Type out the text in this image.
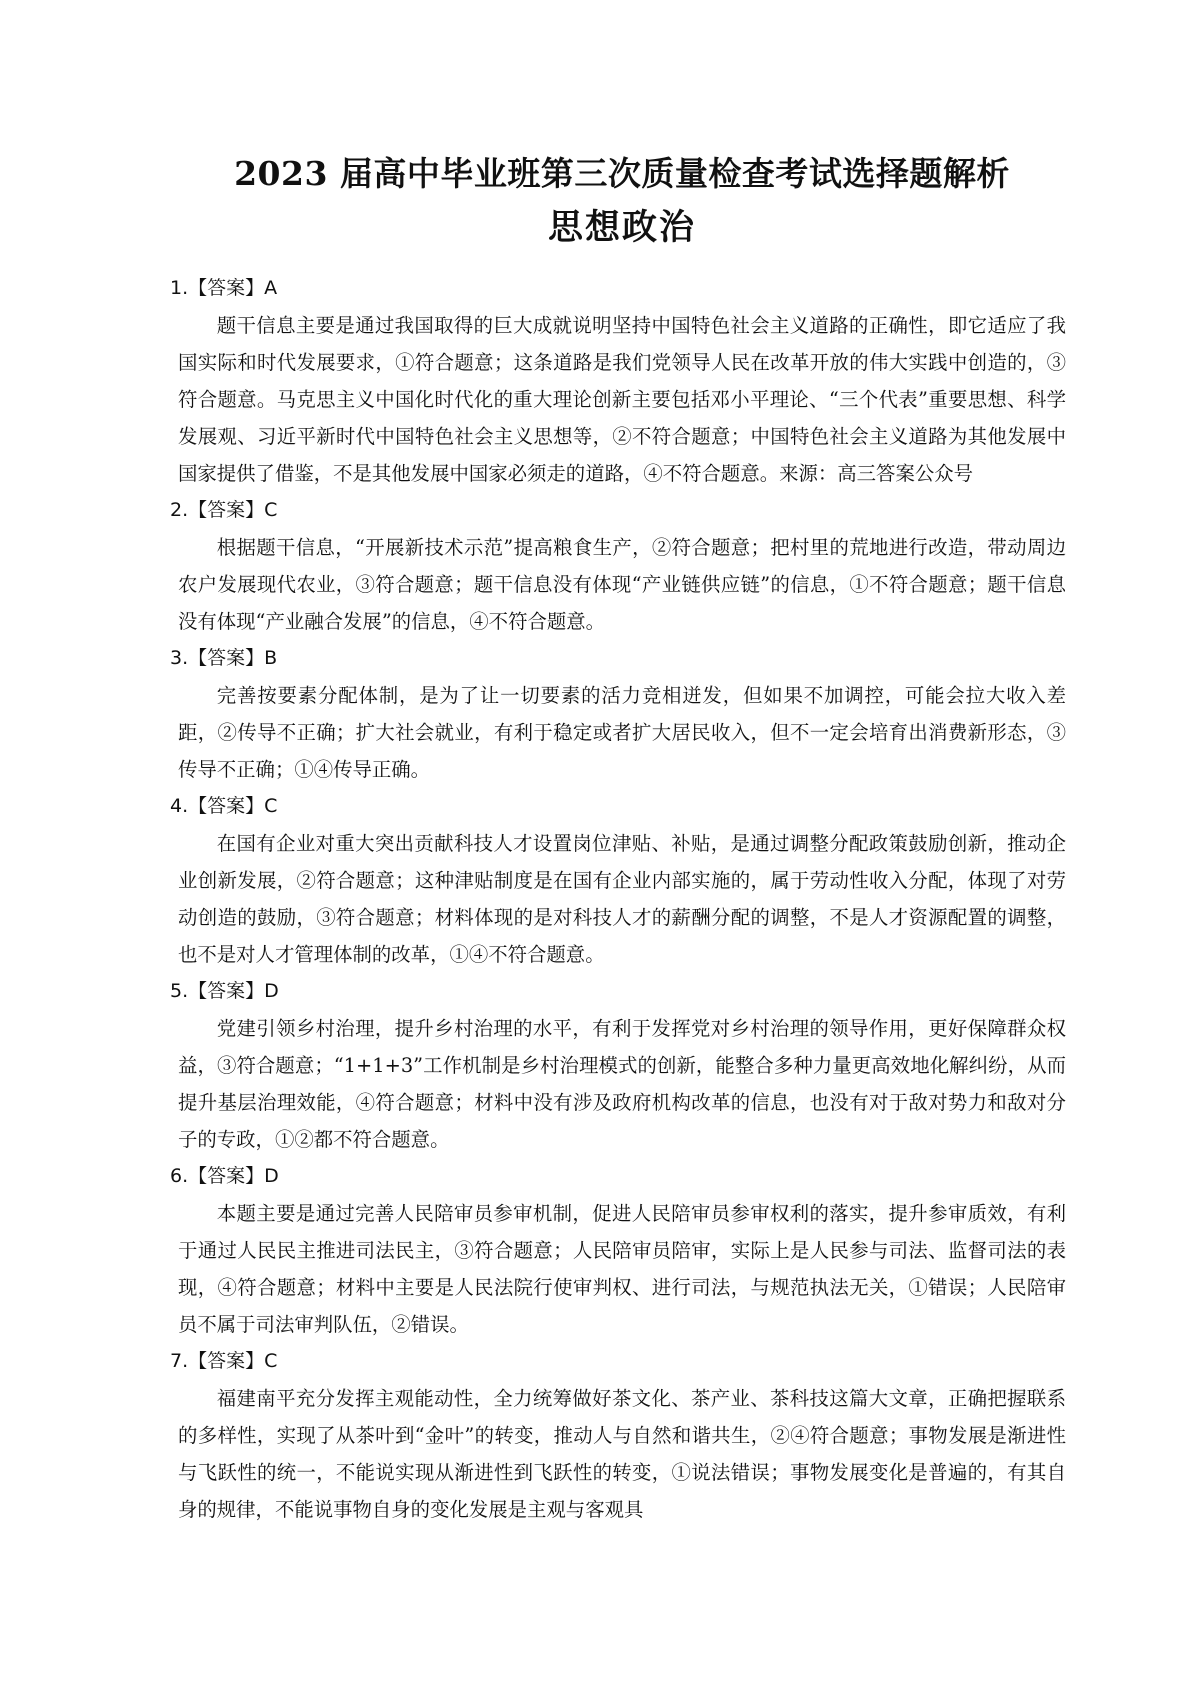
2023 届高中毕业班第三次质量检查考试选择题解析
思想政治
1.【答案】A

题干信息主要是通过我国取得的巨大成就说明坚持中国特色社会主义道路的正确性，即它适应了我国实际和时代发展要求，①符合题意；这条道路是我们党领导人民在改革开放的伟大实践中创造的，③符合题意。马克思主义中国化时代化的重大理论创新主要包括邓小平理论、“三个代表”重要思想、科学发展观、习近平新时代中国特色社会主义思想等，②不符合题意；中国特色社会主义道路为其他发展中国家提供了借鉴，不是其他发展中国家必须走的道路，④不符合题意。来源：高三答案公众号

2.【答案】C

根据题干信息，“开展新技术示范”提高粮食生产，②符合题意；把村里的荒地进行改造，带动周边农户发展现代农业，③符合题意；题干信息没有体现“产业链供应链”的信息，①不符合题意；题干信息没有体现“产业融合发展”的信息，④不符合题意。

3.【答案】B

完善按要素分配体制，是为了让一切要素的活力竞相迸发，但如果不加调控，可能会拉大收入差距，②传导不正确；扩大社会就业，有利于稳定或者扩大居民收入，但不一定会培育出消费新形态，③传导不正确；①④传导正确。

4.【答案】C

在国有企业对重大突出贡献科技人才设置岗位津贴、补贴，是通过调整分配政策鼓励创新，推动企业创新发展，②符合题意；这种津贴制度是在国有企业内部实施的，属于劳动性收入分配，体现了对劳动创造的鼓励，③符合题意；材料体现的是对科技人才的薪酬分配的调整，不是人才资源配置的调整，也不是对人才管理体制的改革，①④不符合题意。

5.【答案】D

党建引领乡村治理，提升乡村治理的水平，有利于发挥党对乡村治理的领导作用，更好保障群众权益，③符合题意；“1+1+3”工作机制是乡村治理模式的创新，能整合多种力量更高效地化解纠纷，从而提升基层治理效能，④符合题意；材料中没有涉及政府机构改革的信息，也没有对于敌对势力和敌对分子的专政，①②都不符合题意。

6.【答案】D

本题主要是通过完善人民陪审员参审机制，促进人民陪审员参审权利的落实，提升参审质效，有利于通过人民民主推进司法民主，③符合题意；人民陪审员陪审，实际上是人民参与司法、监督司法的表现，④符合题意；材料中主要是人民法院行使审判权、进行司法，与规范执法无关，①错误；人民陪审员不属于司法审判队伍，②错误。

7.【答案】C

福建南平充分发挥主观能动性，全力统筹做好茶文化、茶产业、茶科技这篇大文章，正确把握联系的多样性，实现了从茶叶到“金叶”的转变，推动人与自然和谐共生，②④符合题意；事物发展是渐进性与飞跃性的统一，不能说实现从渐进性到飞跃性的转变，①说法错误；事物发展变化是普遍的，有其自身的规律，不能说事物自身的变化发展是主观与客观具
